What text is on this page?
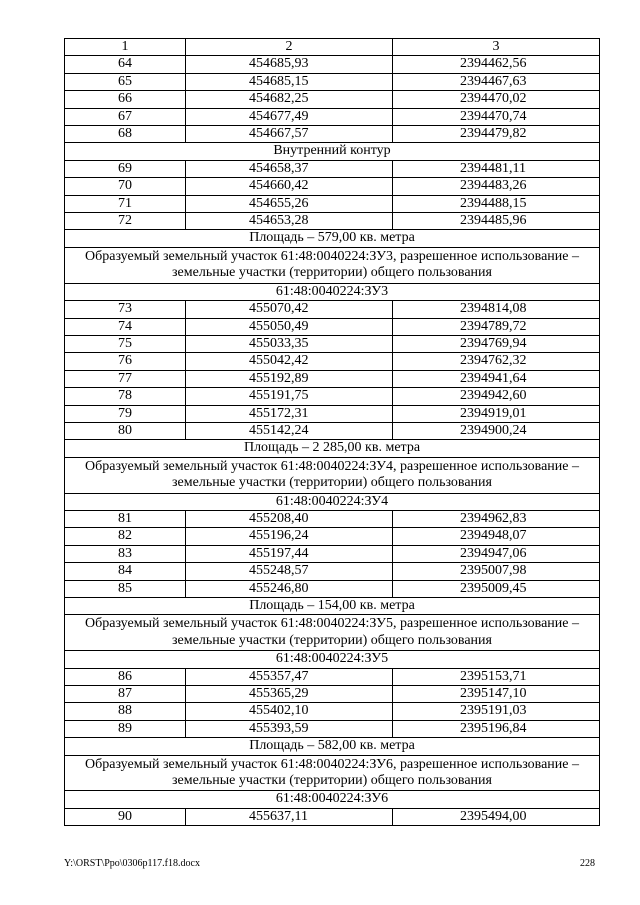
1	2	3
64	454685,93	2394462,56
65	454685,15	2394467,63
66	454682,25	2394470,02
67	454677,49	2394470,74
68	454667,57	2394479,82
Внутренний контур		
69	454658,37	2394481,11
70	454660,42	2394483,26
71	454655,26	2394488,15
72	454653,28	2394485,96
Площадь – 579,00 кв. метра		
Образуемый земельный участок 61:48:0040224:ЗУ3, разрешенное использование – земельные участки (территории) общего пользования		
61:48:0040224:ЗУ3		
73	455070,42	2394814,08
74	455050,49	2394789,72
75	455033,35	2394769,94
76	455042,42	2394762,32
77	455192,89	2394941,64
78	455191,75	2394942,60
79	455172,31	2394919,01
80	455142,24	2394900,24
Площадь – 2 285,00 кв. метра		
Образуемый земельный участок 61:48:0040224:ЗУ4, разрешенное использование – земельные участки (территории) общего пользования		
61:48:0040224:ЗУ4		
81	455208,40	2394962,83
82	455196,24	2394948,07
83	455197,44	2394947,06
84	455248,57	2395007,98
85	455246,80	2395009,45
Площадь – 154,00 кв. метра		
Образуемый земельный участок 61:48:0040224:ЗУ5, разрешенное использование – земельные участки (территории) общего пользования		
61:48:0040224:ЗУ5		
86	455357,47	2395153,71
87	455365,29	2395147,10
88	455402,10	2395191,03
89	455393,59	2395196,84
Площадь – 582,00 кв. метра		
Образуемый земельный участок 61:48:0040224:ЗУ6, разрешенное использование – земельные участки (территории) общего пользования		
61:48:0040224:ЗУ6		
90	455637,11	2395494,00
Y:\ORST\Ppo\0306p117.f18.docx	228
